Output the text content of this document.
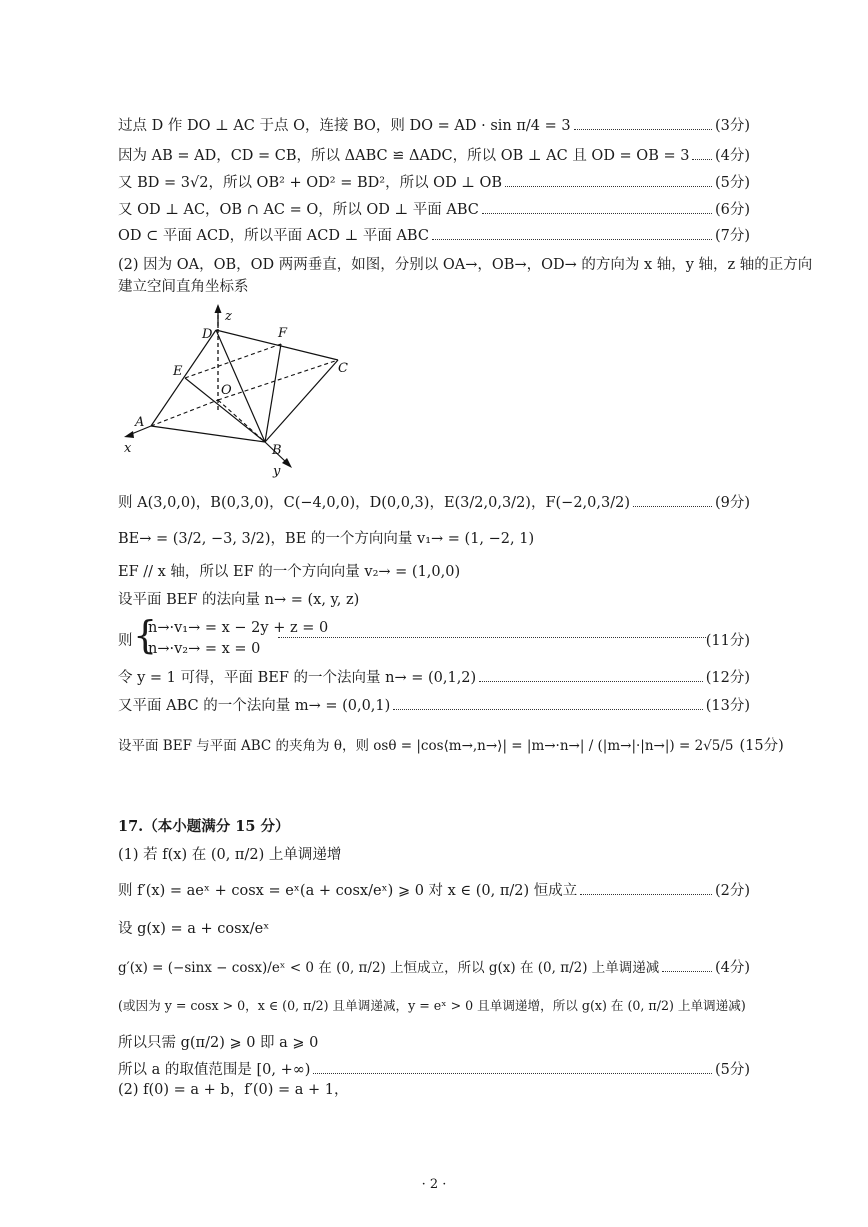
过点 D 作 DO ⊥ AC 于点 O，连接 BO，则 DO = AD · sin π/4 = 3	(3分)
因为 AB = AD，CD = CB，所以 ΔABC ≌ ΔADC，所以 OB ⊥ AC 且 OD = OB = 3 (4分)
又 BD = 3√2，所以 OB² + OD² = BD²，所以 OD ⊥ OB	(5分)
又 OD ⊥ AC，OB ∩ AC = O，所以 OD ⊥ 平面 ABC	(6分)
OD ⊂ 平面 ACD，所以平面 ACD ⊥ 平面 ABC	(7分)
(2) 因为 OA，OB，OD 两两垂直，如图，分别以 OA→，OB→，OD→ 的方向为 x 轴，y 轴，z 轴的正方向
建立空间直角坐标系
D	F
z
E	C
O
A
x	B
y
则 A(3,0,0)，B(0,3,0)，C(−4,0,0)，D(0,0,3)，E(3/2,0,3/2)，F(−2,0,3/2)	(9分)
BE→ = (3/2, −3, 3/2)，BE 的一个方向向量 v₁→ = (1, −2, 1)
EF // x 轴，所以 EF 的一个方向向量 v₂→ = (1,0,0)
设平面 BEF 的法向量 n→ = (x, y, z)
则 {
n→·v₁→ = x − 2y + z = 0
n→·v₂→ = x = 0	(11分)
令 y = 1 可得，平面 BEF 的一个法向量 n→ = (0,1,2)	(12分)
又平面 ABC 的一个法向量 m→ = (0,0,1)	(13分)
设平面 BEF 与平面 ABC 的夹角为 θ，则 osθ = |cos⟨m→,n→⟩| = |m→·n→| / (|m→|·|n→|) = 2√5/5 (15分)
17.（本小题满分 15 分）
(1) 若 f(x) 在 (0, π/2) 上单调递增
则 f′(x) = aeˣ + cosx = eˣ(a + cosx/eˣ) ⩾ 0 对 x ∈ (0, π/2) 恒成立	(2分)
设 g(x) = a + cosx/eˣ
g′(x) = (−sinx − cosx)/eˣ < 0 在 (0, π/2) 上恒成立，所以 g(x) 在 (0, π/2) 上单调递减	(4分)
(或因为 y = cosx > 0，x ∈ (0, π/2) 且单调递减，y = eˣ > 0 且单调递增，所以 g(x) 在 (0, π/2) 上单调递减)
所以只需 g(π/2) ⩾ 0 即 a ⩾ 0
所以 a 的取值范围是 [0, +∞)	(5分)
(2) f(0) = a + b，f′(0) = a + 1，
· 2 ·
